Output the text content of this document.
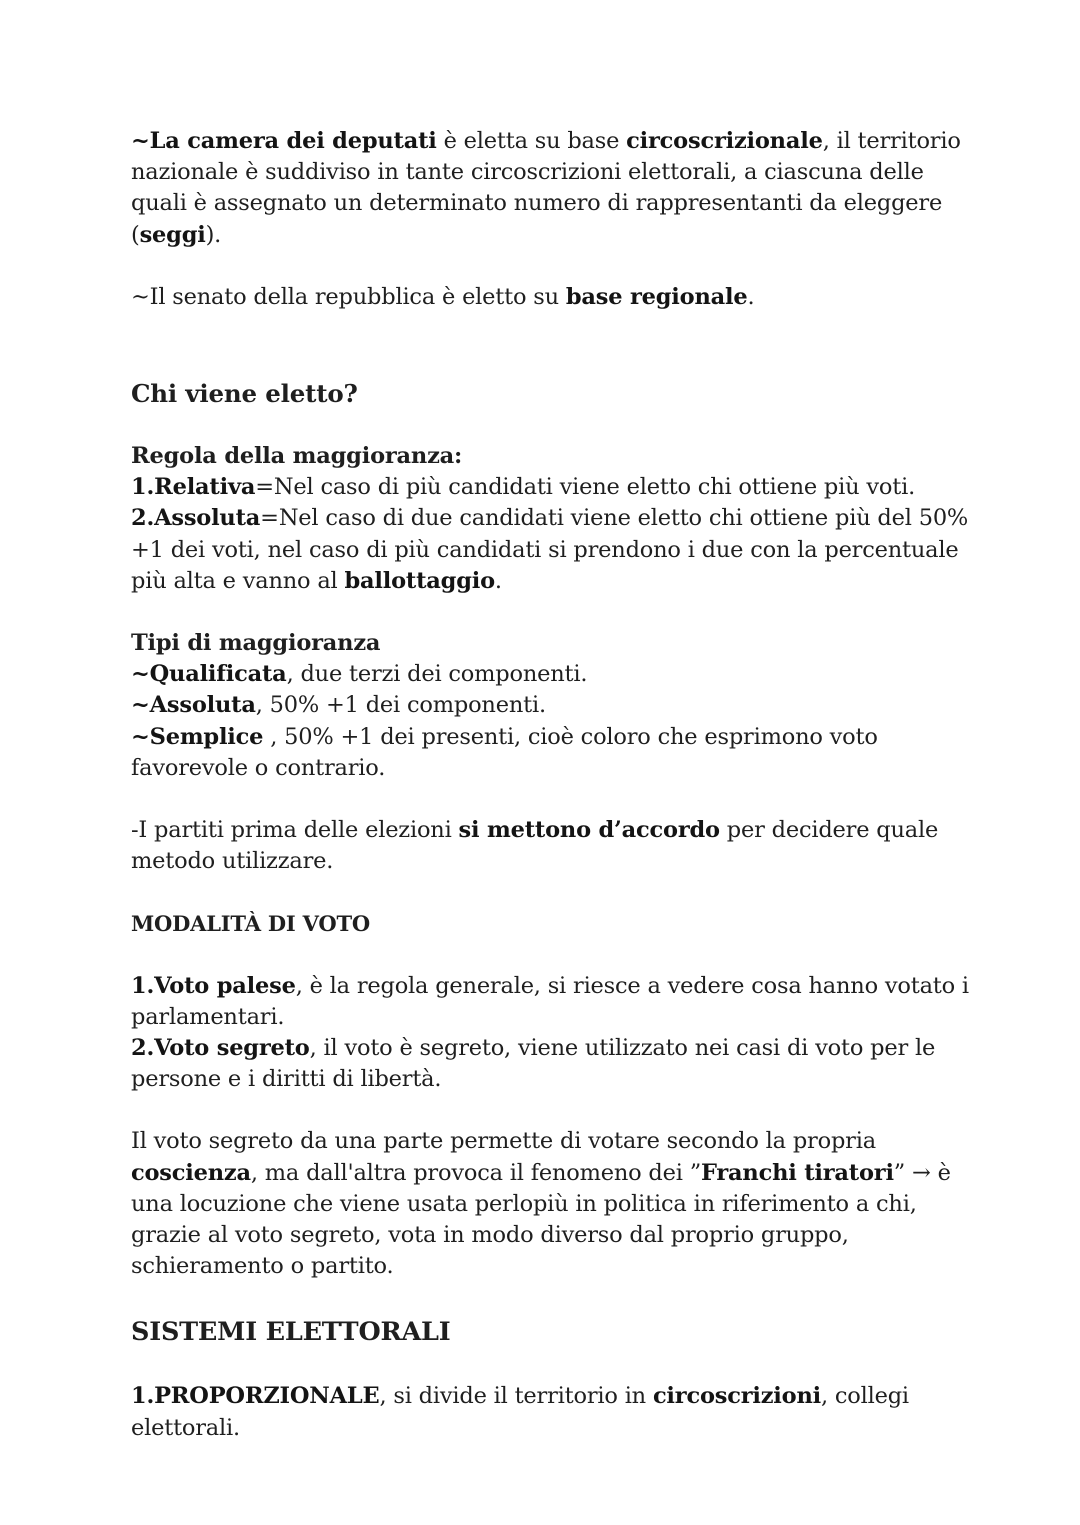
~La camera dei deputati è eletta su base circoscrizionale, il territorio nazionale è suddiviso in tante circoscrizioni elettorali, a ciascuna delle quali è assegnato un determinato numero di rappresentanti da eleggere (seggi).

~Il senato della repubblica è eletto su base regionale.

Chi viene eletto?

Regola della maggioranza:

1.Relativa=Nel caso di più candidati viene eletto chi ottiene più voti.

2.Assoluta=Nel caso di due candidati viene eletto chi ottiene più del 50% +1 dei voti, nel caso di più candidati si prendono i due con la percentuale più alta e vanno al ballottaggio.

Tipi di maggioranza

~Qualificata, due terzi dei componenti.

~Assoluta, 50% +1 dei componenti.

~Semplice , 50% +1 dei presenti, cioè coloro che esprimono voto favorevole o contrario.

-I partiti prima delle elezioni si mettono d’accordo per decidere quale metodo utilizzare.

MODALITÀ DI VOTO

1.Voto palese, è la regola generale, si riesce a vedere cosa hanno votato i parlamentari.

2.Voto segreto, il voto è segreto, viene utilizzato nei casi di voto per le persone e i diritti di libertà.

Il voto segreto da una parte permette di votare secondo la propria coscienza, ma dall'altra provoca il fenomeno dei ”Franchi tiratori” → è una locuzione che viene usata perlopiù in politica in riferimento a chi, grazie al voto segreto, vota in modo diverso dal proprio gruppo, schieramento o partito.

SISTEMI ELETTORALI

1.PROPORZIONALE, si divide il territorio in circoscrizioni, collegi elettorali.
